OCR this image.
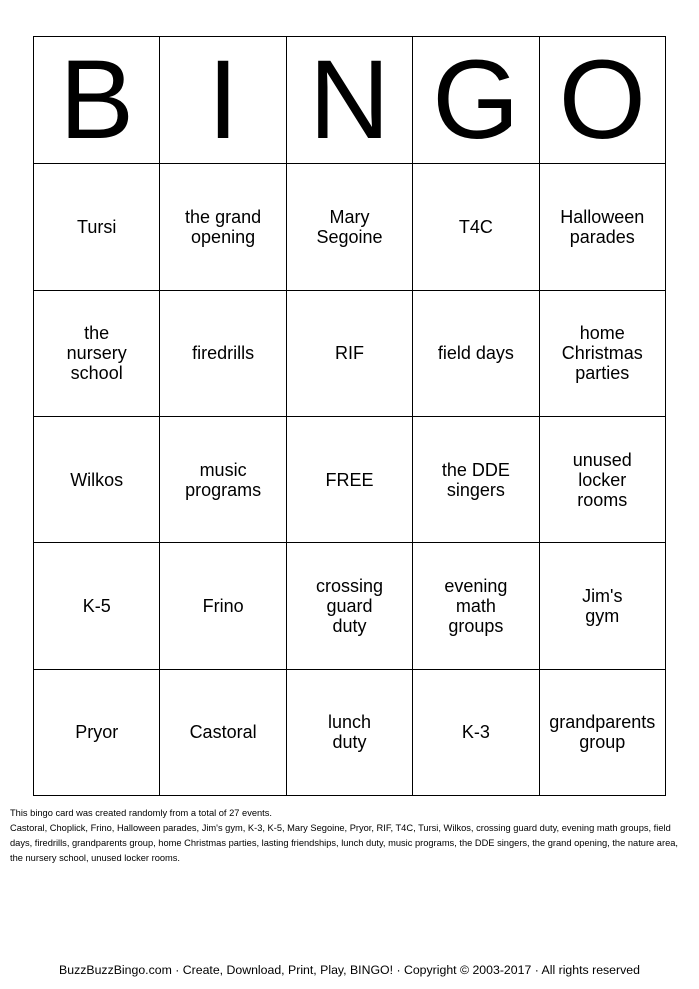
B	I	N	G	O
Tursi	the grand opening	Mary Segoine	T4C	Halloween parades
the nursery school	firedrills	RIF	field days	home Christmas parties
Wilkos	music programs	FREE	the DDE singers	unused locker rooms
K-5	Frino	crossing guard duty	evening math groups	Jim's gym
Pryor	Castoral	lunch duty	K-3	grandparents group

This bingo card was created randomly from a total of 27 events.

Castoral, Choplick, Frino, Halloween parades, Jim's gym, K-3, K-5, Mary Segoine, Pryor, RIF, T4C, Tursi, Wilkos, crossing guard duty, evening math groups, field days, firedrills, grandparents group, home Christmas parties, lasting friendships, lunch duty, music programs, the DDE singers, the grand opening, the nature area, the nursery school, unused locker rooms.

BuzzBuzzBingo.com · Create, Download, Print, Play, BINGO! · Copyright © 2003-2017 · All rights reserved
